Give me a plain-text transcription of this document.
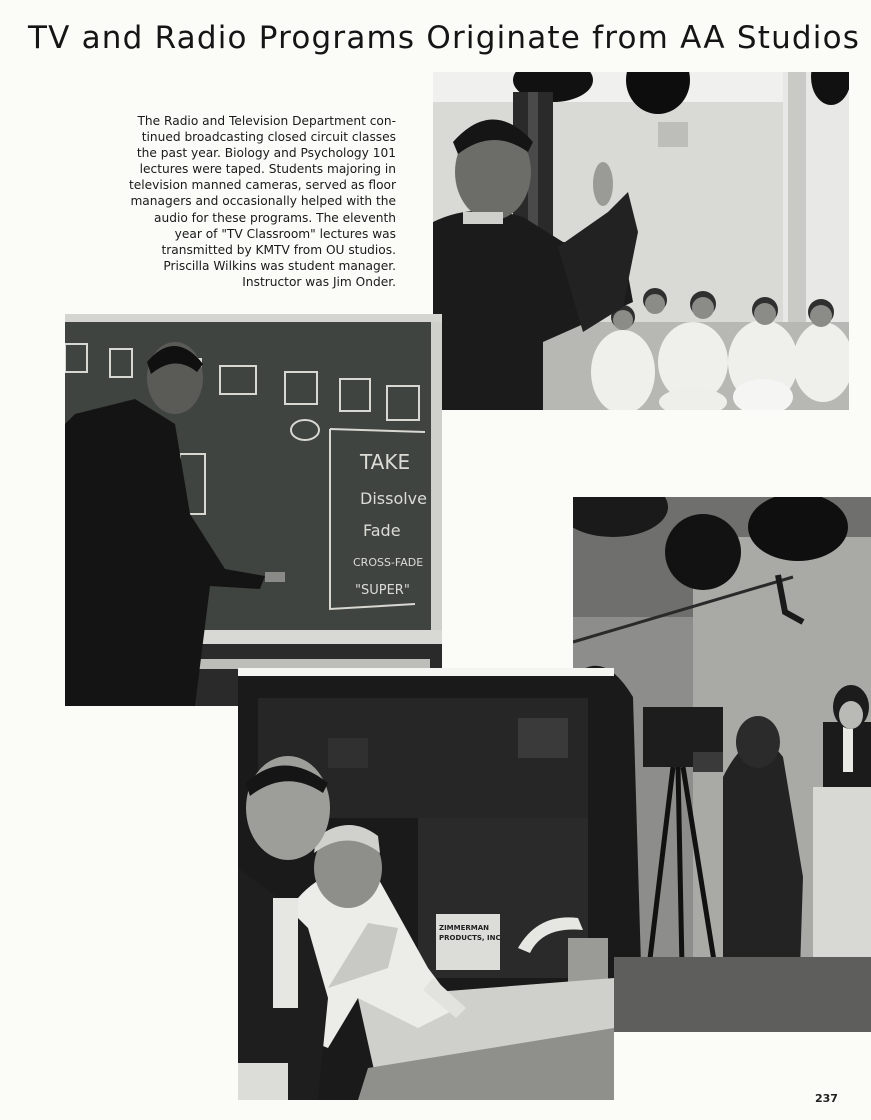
TV and Radio Programs Originate from AA Studios
The Radio and Television Department con-
tinued broadcasting closed circuit classes
the past year. Biology and Psychology 101
lectures were taped. Students majoring in
television manned cameras, served as floor
managers and occasionally helped with the
audio for these programs. The eleventh
year of "TV Classroom" lectures was
transmitted by KMTV from OU studios.
Priscilla Wilkins was student manager.
Instructor was Jim Onder.
TAKE
Dissolve
Fade
CROSS-FADE
"SUPER"
ZIMMERMAN
PRODUCTS, INC.
237
